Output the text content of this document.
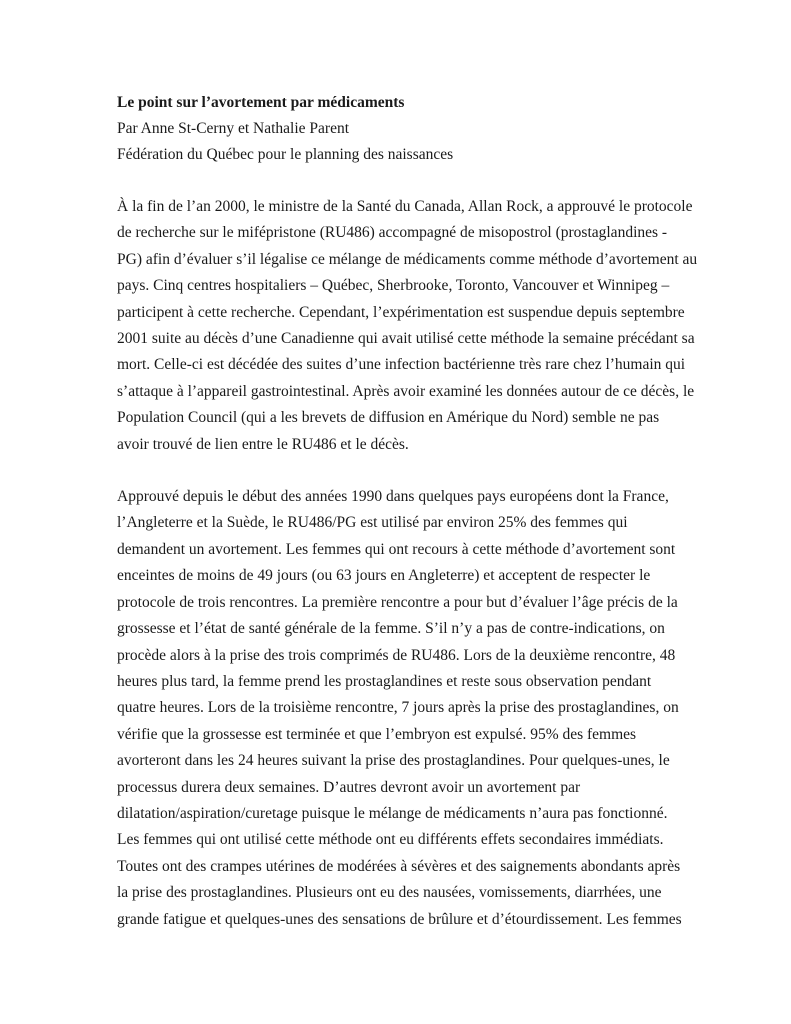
Le point sur l’avortement par médicaments

Par Anne St-Cerny et Nathalie Parent

Fédération du Québec pour le planning des naissances

À la fin de l’an 2000, le ministre de la Santé du Canada, Allan Rock, a approuvé le protocole
de recherche sur le mifépristone (RU486) accompagné de misopostrol (prostaglandines -
PG) afin d’évaluer s’il légalise ce mélange de médicaments comme méthode d’avortement au
pays. Cinq centres hospitaliers – Québec, Sherbrooke, Toronto, Vancouver et Winnipeg –
participent à cette recherche. Cependant, l’expérimentation est suspendue depuis septembre
2001 suite au décès d’une Canadienne qui avait utilisé cette méthode la semaine précédant sa
mort. Celle-ci est décédée des suites d’une infection bactérienne très rare chez l’humain qui
s’attaque à l’appareil gastrointestinal. Après avoir examiné les données autour de ce décès, le
Population Council (qui a les brevets de diffusion en Amérique du Nord) semble ne pas
avoir trouvé de lien entre le RU486 et le décès.
Approuvé depuis le début des années 1990 dans quelques pays européens dont la France,
l’Angleterre et la Suède, le RU486/PG est utilisé par environ 25% des femmes qui
demandent un avortement. Les femmes qui ont recours à cette méthode d’avortement sont
enceintes de moins de 49 jours (ou 63 jours en Angleterre) et acceptent de respecter le
protocole de trois rencontres. La première rencontre a pour but d’évaluer l’âge précis de la
grossesse et l’état de santé générale de la femme. S’il n’y a pas de contre-indications, on
procède alors à la prise des trois comprimés de RU486. Lors de la deuxième rencontre, 48
heures plus tard, la femme prend les prostaglandines et reste sous observation pendant
quatre heures. Lors de la troisième rencontre, 7 jours après la prise des prostaglandines, on
vérifie que la grossesse est terminée et que l’embryon est expulsé. 95% des femmes
avorteront dans les 24 heures suivant la prise des prostaglandines. Pour quelques-unes, le
processus durera deux semaines. D’autres devront avoir un avortement par
dilatation/aspiration/curetage puisque le mélange de médicaments n’aura pas fonctionné.
Les femmes qui ont utilisé cette méthode ont eu différents effets secondaires immédiats.
Toutes ont des crampes utérines de modérées à sévères et des saignements abondants après
la prise des prostaglandines. Plusieurs ont eu des nausées, vomissements, diarrhées, une
grande fatigue et quelques-unes des sensations de brûlure et d’étourdissement. Les femmes
